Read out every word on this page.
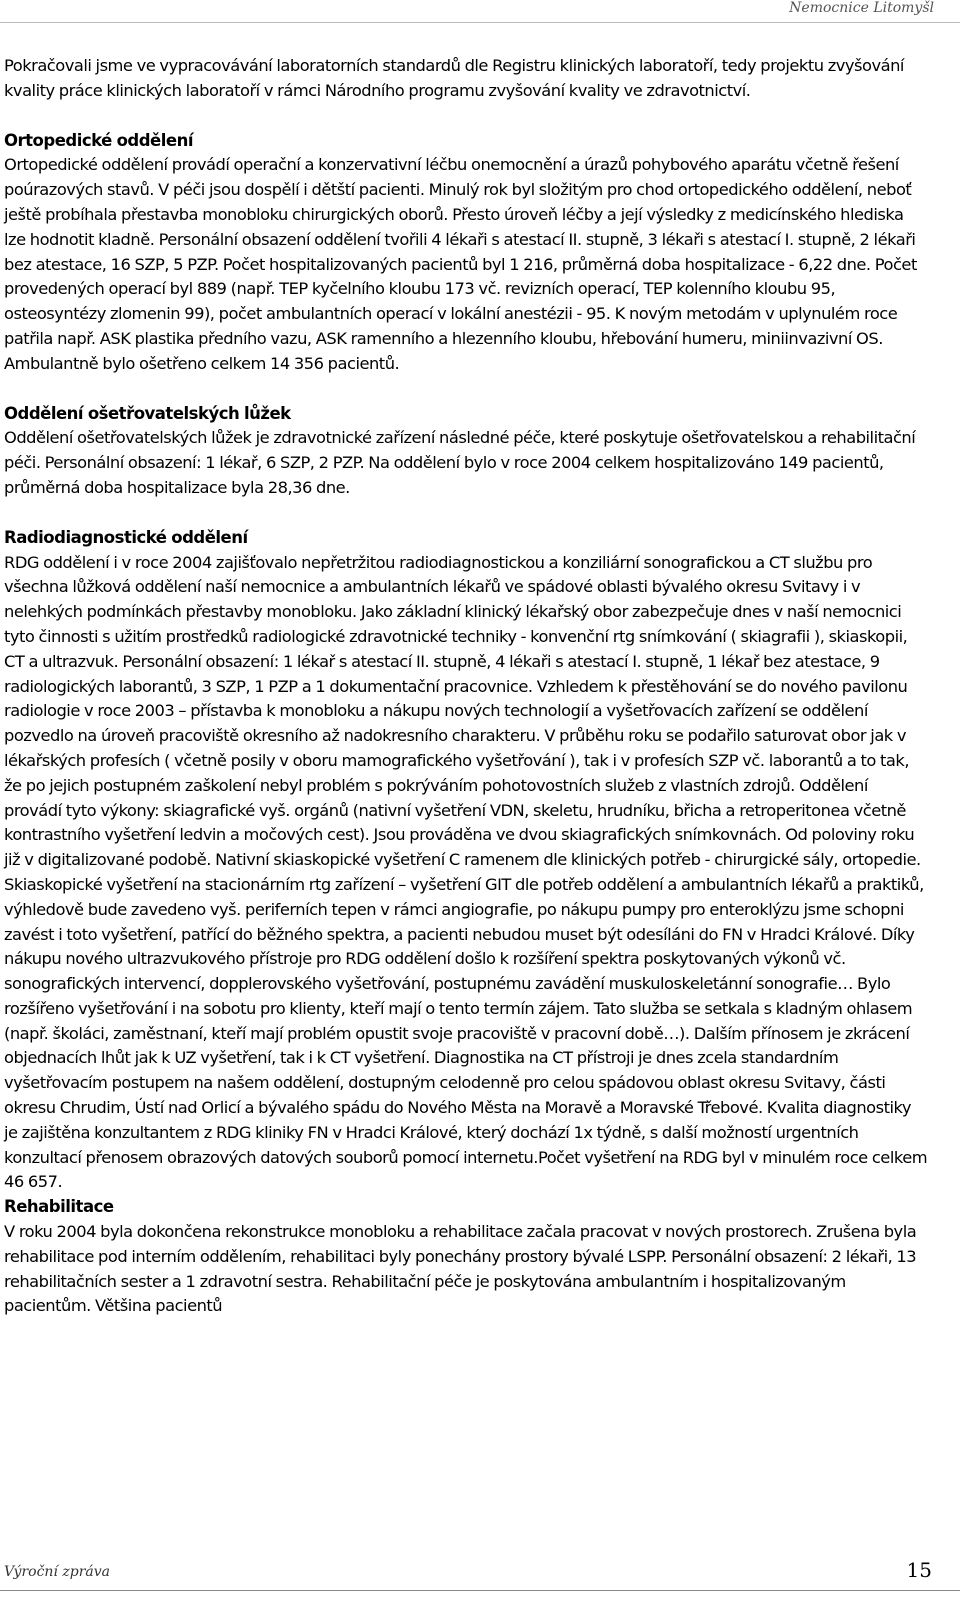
Nemocnice Litomyšl

Pokračovali jsme ve vypracovávání laboratorních standardů dle Registru klinických laboratoří, tedy projektu zvyšování kvality práce klinických laboratoří v rámci Národního programu zvyšování kvality ve zdravotnictví.

Ortopedické oddělení

Ortopedické oddělení provádí operační a konzervativní léčbu onemocnění a úrazů pohybového aparátu včetně řešení poúrazových stavů. V péči jsou dospělí i dětští pacienti. Minulý rok byl složitým pro chod ortopedického oddělení, neboť ještě probíhala přestavba monobloku chirurgických oborů. Přesto úroveň léčby a její výsledky z medicínského hlediska lze hodnotit kladně. Personální obsazení oddělení tvořili 4 lékaři s atestací II. stupně, 3 lékaři s atestací I. stupně, 2 lékaři bez atestace, 16 SZP, 5 PZP. Počet hospitalizovaných pacientů byl 1 216, průměrná doba hospitalizace - 6,22 dne. Počet provedených operací byl 889 (např. TEP kyčelního kloubu 173 vč. revizních operací, TEP kolenního kloubu 95, osteosyntézy zlomenin 99), počet ambulantních operací v lokální anestézii - 95. K novým metodám v uplynulém roce patřila např. ASK plastika předního vazu, ASK ramenního a hlezenního kloubu, hřebování humeru, miniinvazivní OS. Ambulantně bylo ošetřeno celkem 14 356 pacientů.

Oddělení ošetřovatelských lůžek

Oddělení ošetřovatelských lůžek je zdravotnické zařízení následné péče, které poskytuje ošetřovatelskou a rehabilitační péči. Personální obsazení: 1 lékař, 6 SZP, 2 PZP. Na oddělení bylo v roce 2004 celkem hospitalizováno 149 pacientů, průměrná doba hospitalizace byla 28,36 dne.

Radiodiagnostické oddělení

RDG oddělení i v roce 2004 zajišťovalo nepřetržitou radiodiagnostickou a konziliární sonografickou a CT službu pro všechna lůžková oddělení naší nemocnice a ambulantních lékařů ve spádové oblasti bývalého okresu Svitavy i v nelehkých podmínkách přestavby monobloku. Jako základní klinický lékařský obor zabezpečuje dnes v naší nemocnici tyto činnosti s užitím prostředků radiologické zdravotnické techniky - konvenční rtg snímkování ( skiagrafii ), skiaskopii, CT a ultrazvuk. Personální obsazení: 1 lékař s atestací II. stupně, 4 lékaři s atestací I. stupně, 1 lékař bez atestace, 9 radiologických laborantů, 3 SZP, 1 PZP a 1 dokumentační pracovnice. Vzhledem k přestěhování se do nového pavilonu radiologie v roce 2003 – přístavba k monobloku a nákupu nových technologií a vyšetřovacích zařízení se oddělení pozvedlo na úroveň pracoviště okresního až nadokresního charakteru. V průběhu roku se podařilo saturovat obor jak v lékařských profesích ( včetně posily v oboru mamografického vyšetřování ), tak i v profesích SZP vč. laborantů a to tak, že po jejich postupném zaškolení nebyl problém s pokrýváním pohotovostních služeb z vlastních zdrojů. Oddělení provádí tyto výkony: skiagrafické vyš. orgánů (nativní vyšetření VDN, skeletu, hrudníku, břicha a retroperitonea včetně kontrastního vyšetření ledvin a močových cest). Jsou prováděna ve dvou skiagrafických snímkovnách. Od poloviny roku již v digitalizované podobě. Nativní skiaskopické vyšetření C ramenem dle klinických potřeb - chirurgické sály, ortopedie. Skiaskopické vyšetření na stacionárním rtg zařízení – vyšetření GIT dle potřeb oddělení a ambulantních lékařů a praktiků, výhledově bude zavedeno vyš. periferních tepen v rámci angiografie, po nákupu pumpy pro enteroklýzu jsme schopni zavést i toto vyšetření, patřící do běžného spektra, a pacienti nebudou muset být odesíláni do FN v Hradci Králové. Díky nákupu nového ultrazvukového přístroje pro RDG oddělení došlo k rozšíření spektra poskytovaných výkonů vč. sonografických intervencí, dopplerovského vyšetřování, postupnému zavádění muskuloskeletánní sonografie… Bylo rozšířeno vyšetřování i na sobotu pro klienty, kteří mají o tento termín zájem. Tato služba se setkala s kladným ohlasem (např. školáci, zaměstnaní, kteří mají problém opustit svoje pracoviště v pracovní době…). Dalším přínosem je zkrácení objednacích lhůt jak k UZ vyšetření, tak i k CT vyšetření. Diagnostika na CT přístroji je dnes zcela standardním vyšetřovacím postupem na našem oddělení, dostupným celodenně pro celou spádovou oblast okresu Svitavy, části okresu Chrudim, Ústí nad Orlicí a bývalého spádu do Nového Města na Moravě a Moravské Třebové. Kvalita diagnostiky je zajištěna konzultantem z RDG kliniky FN v Hradci Králové, který dochází 1x týdně, s další možností urgentních konzultací přenosem obrazových datových souborů pomocí internetu.Počet vyšetření na RDG byl v minulém roce celkem 46 657.

Rehabilitace

V roku 2004 byla dokončena rekonstrukce monobloku a rehabilitace začala pracovat v nových prostorech. Zrušena byla rehabilitace pod interním oddělením, rehabilitaci byly ponechány prostory bývalé LSPP. Personální obsazení: 2 lékaři, 13 rehabilitačních sester a 1 zdravotní sestra. Rehabilitační péče je poskytována ambulantním i hospitalizovaným pacientům. Většina pacientů

Výroční zpráva	15
